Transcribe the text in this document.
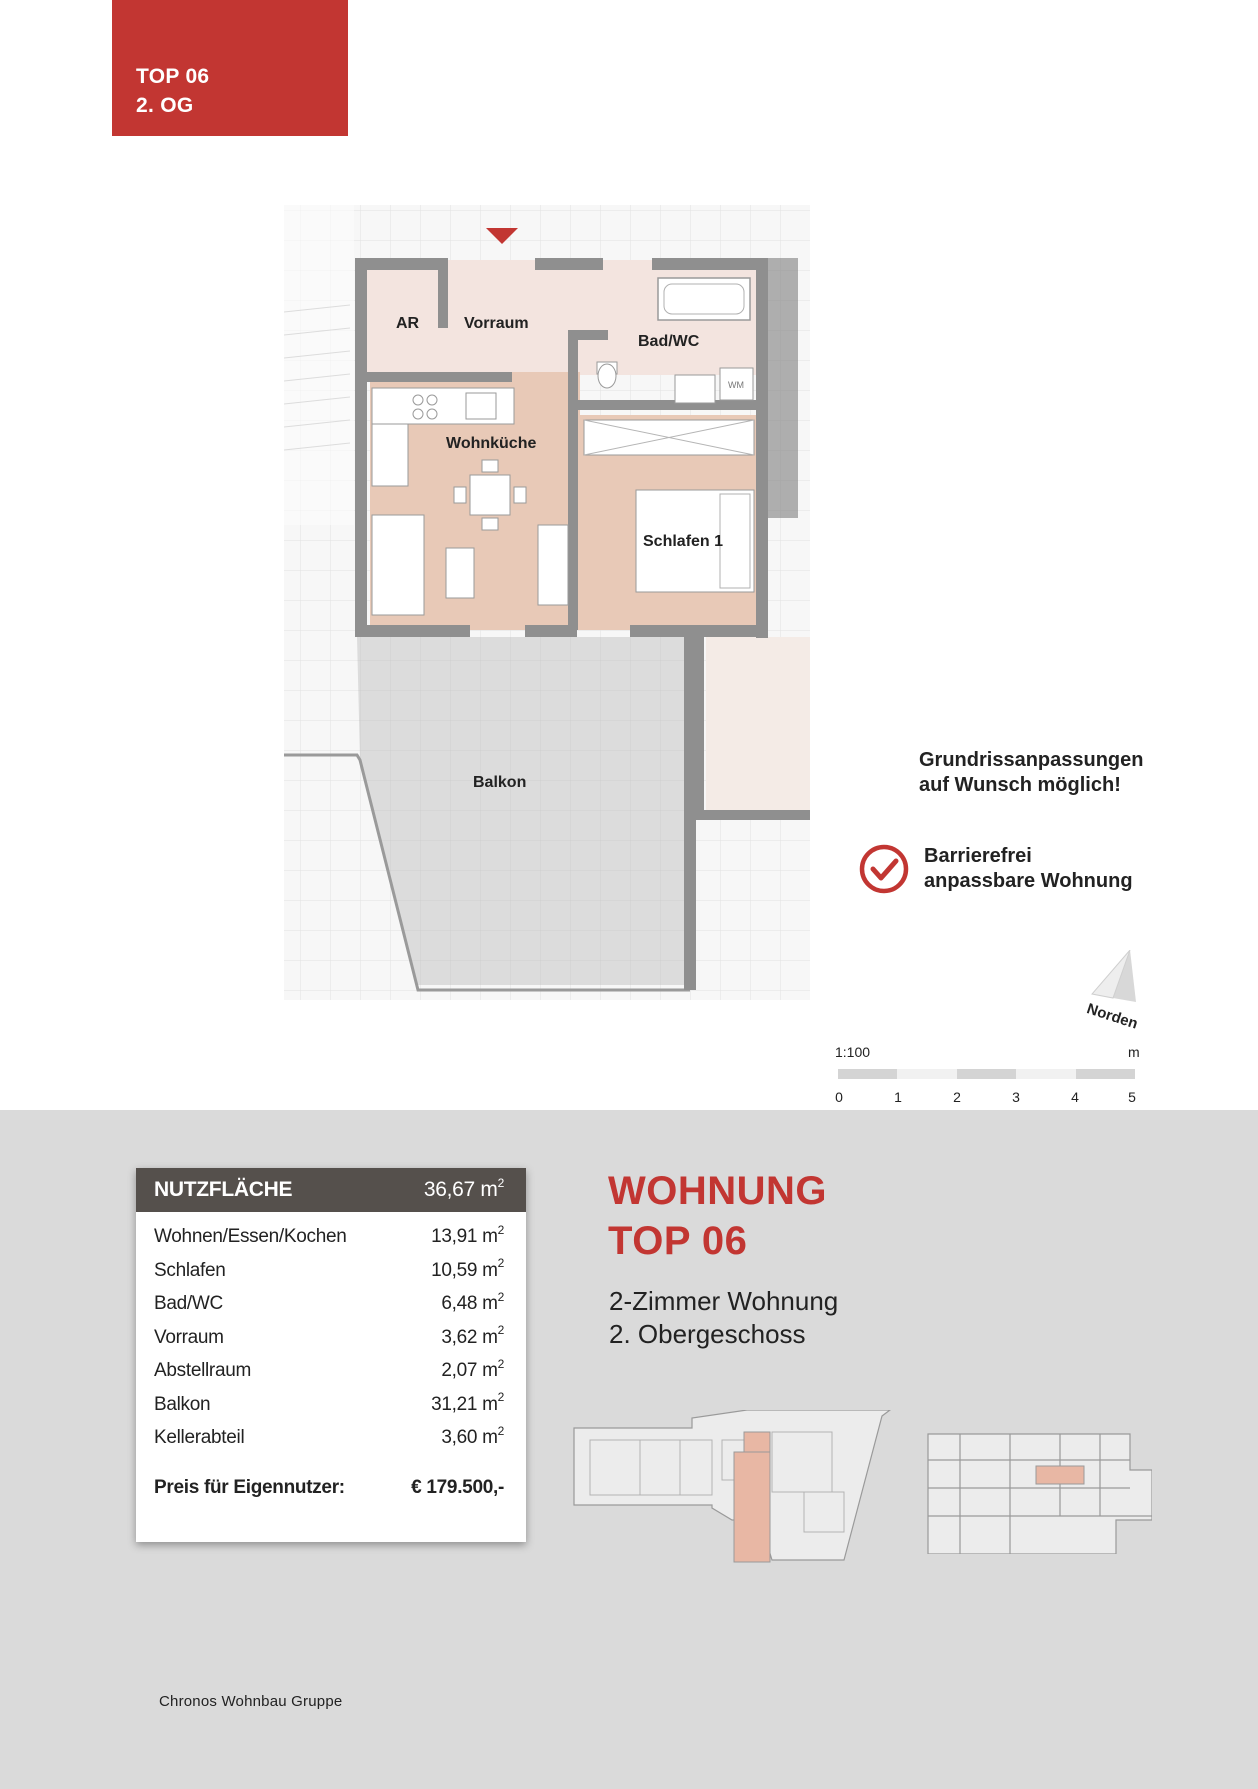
TOP 06
2. OG
WM
AR	Vorraum
Bad/WC
Wohnküche
Schlafen 1
Balkon
Grundrissanpassungen
auf Wunsch möglich!
Barrierefrei
anpassbare Wohnung
Norden
1:100	m
0	1	2	3	4	5
NUTZFLÄCHE	36,67 $m^2$
Wohnen/Essen/Kochen	13,91 $m^2$
Schlafen	10,59 $m^2$
Bad/WC	6,48 $m^2$
Vorraum	3,62 $m^2$
Abstellraum	2,07 $m^2$
Balkon	31,21 $m^2$
Kellerabteil	3,60 $m^2$
Preis für Eigennutzer:	€ 179.500,-
WOHNUNG
TOP 06
2-Zimmer Wohnung
2. Obergeschoss
Chronos Wohnbau Gruppe
